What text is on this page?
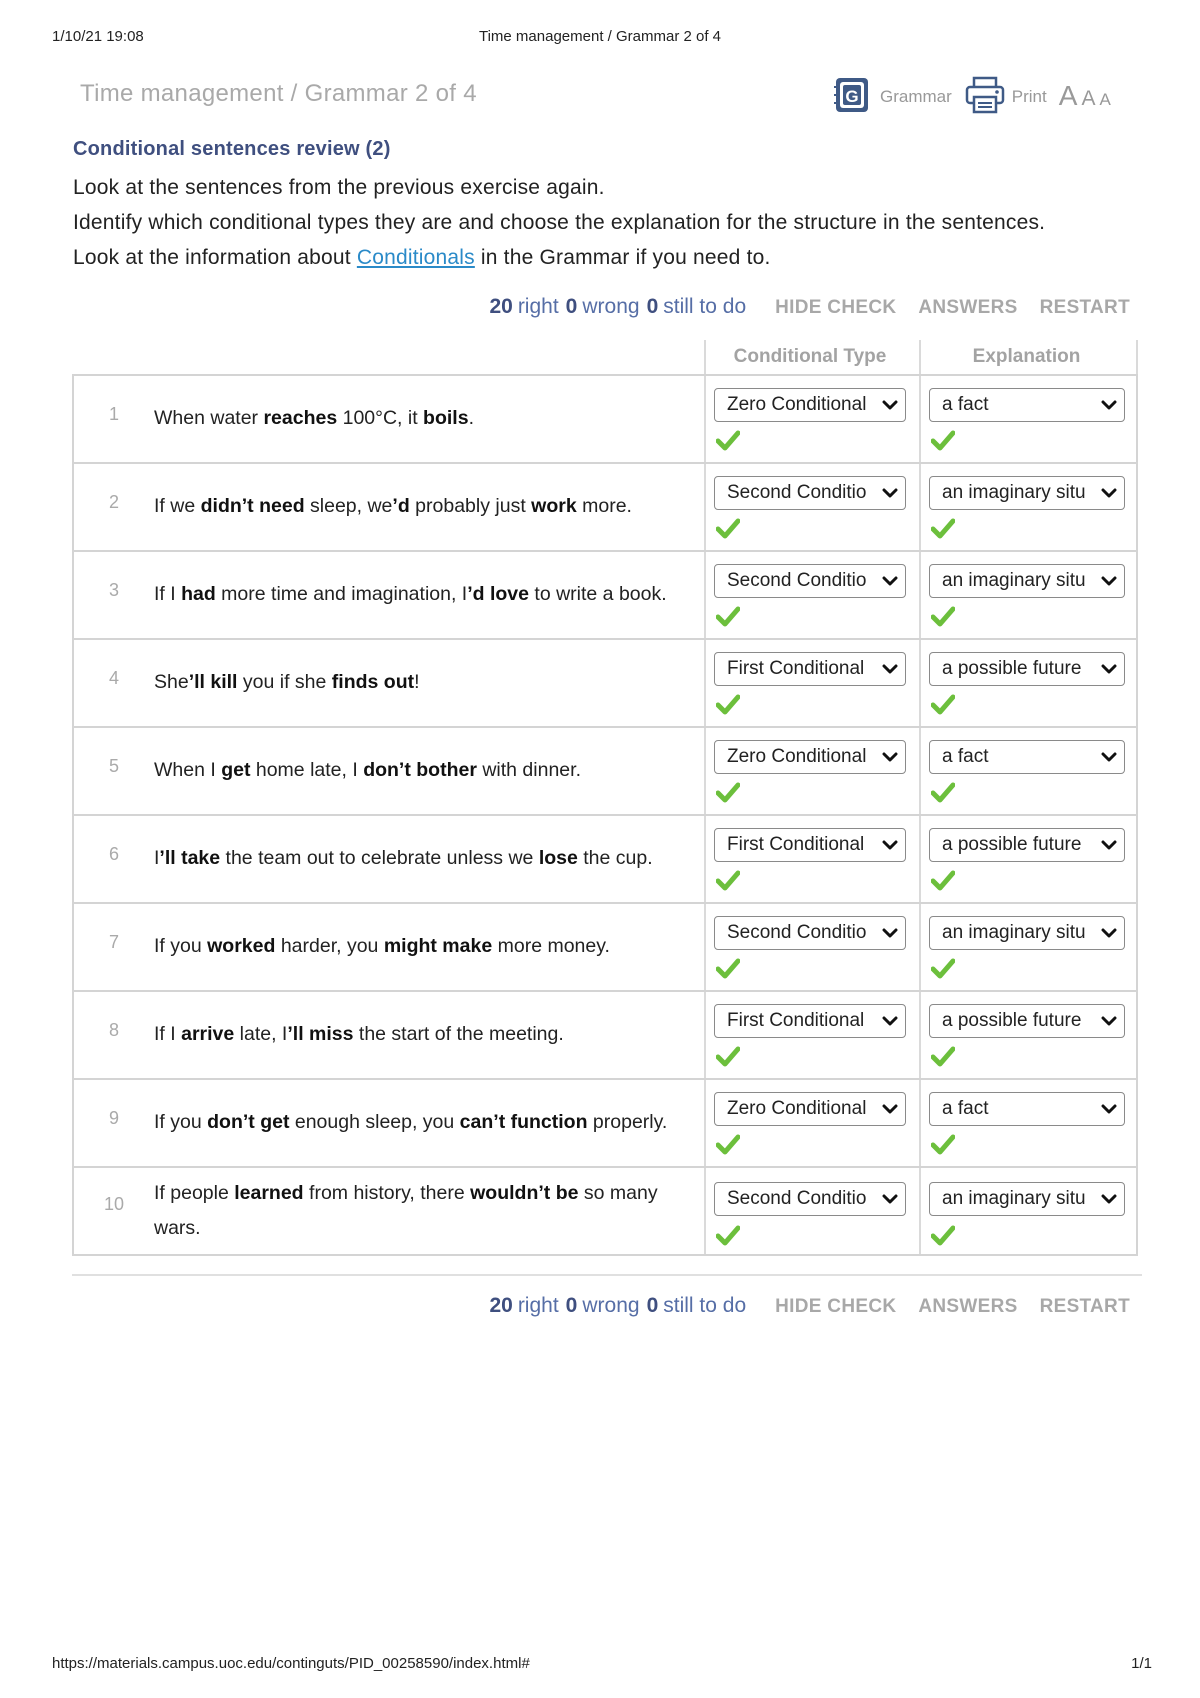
1/10/21 19:08	Time management / Grammar 2 of 4
Time management / Grammar 2 of 4	G Grammar	Print A A A
Conditional sentences review (2)

Look at the sentences from the previous exercise again.

Identify which conditional types they are and choose the explanation for the structure in the sentences.

Look at the information about Conditionals in the Grammar if you need to.

20 right 0 wrong 0 still to do HIDE CHECK ANSWERS RESTART
Conditional Type	Explanation
1	When water reaches 100°C, it boils.
Zero Conditional	a fact
2	If we didn’t need sleep, we’d probably just work more.
Second Conditio	an imaginary situ
3	If I had more time and imagination, I’d love to write a book.
Second Conditio	an imaginary situ
4	She’ll kill you if she finds out!
First Conditional	a possible future
5	When I get home late, I don’t bother with dinner.
Zero Conditional	a fact
6	I’ll take the team out to celebrate unless we lose the cup.
First Conditional	a possible future
7	If you worked harder, you might make more money.
Second Conditio	an imaginary situ
8	If I arrive late, I’ll miss the start of the meeting.
First Conditional	a possible future
9	If you don’t get enough sleep, you can’t function properly.
Zero Conditional	a fact
10	If people learned from history, there wouldn’t be so many wars.
Second Conditio	an imaginary situ
20 right 0 wrong 0 still to do HIDE CHECK ANSWERS RESTART
https://materials.campus.uoc.edu/continguts/PID_00258590/index.html#	1/1
